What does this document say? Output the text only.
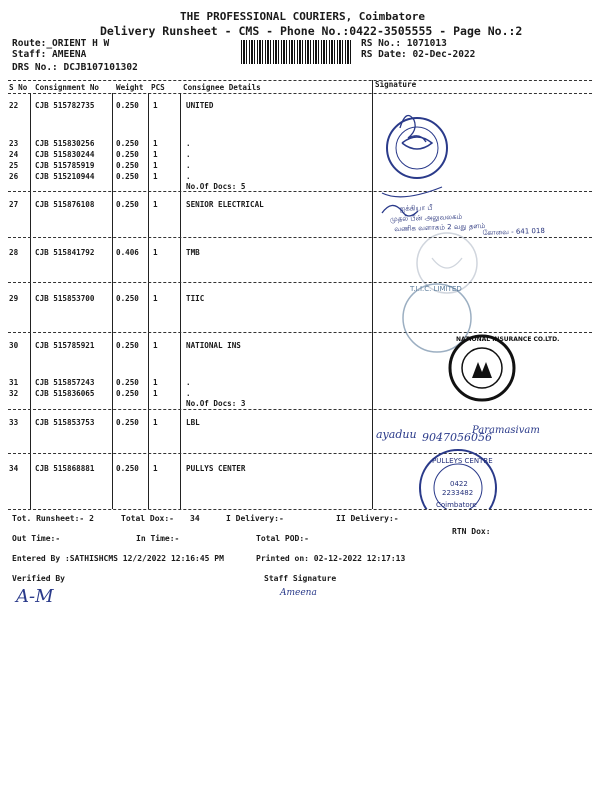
THE PROFESSIONAL COURIERS, Coimbatore
Delivery Runsheet - CMS - Phone No.:0422-3505555 - Page No.:2
Route:_ORIENT H W
Staff: AMEENA
DRS No.: DCJB107101302
RS No.: 1071013
RS Date: 02-Dec-2022
S No Consignment No Weight PCS Consignee Details	Signature
22 CJB 515782735	0.250 1	UNITED
23 CJB 515830256	0.250 1	.
24 CJB 515830244	0.250 1	.
25 CJB 515785919	0.250 1	.
26 CJB 515210944	0.250 1	.
No.Of Docs: 5
27 CJB 515876108	0.250 1	SENIOR ELECTRICAL
28 CJB 515841792	0.406 1	TMB
29 CJB 515853700	0.250 1	TIIC
30 CJB 515785921	0.250 1	NATIONAL INS
31 CJB 515857243	0.250 1	.
32 CJB 515836065	0.250 1	.
No.Of Docs: 3
33 CJB 515853753	0.250 1	LBL
34 CJB 515868881	0.250 1	PULLYS CENTER
ஐக்கியா பீ
முதல் பீன் அலுவலகம்
வணிக வளாகம் 2 வது தளம்
கோவை - 641 018
T.I.I.C. LIMITED
NATIONAL INSURANCE CO.LTD.
ayaduu 9047056056
Paramasivam
PULLEYS CENTRE
0422
2233482
Coimbatore
Tot. Runsheet:- 2	Total Dox:- 34	I Delivery:-	II Delivery:-
RTN Dox:
Out Time:-	In Time:-	Total POD:-
Entered By :SATHISHCMS 12/2/2022 12:16:45 PM	Printed on: 02-12-2022 12:17:13
Verified By	Staff Signature
A-M	Ameena
